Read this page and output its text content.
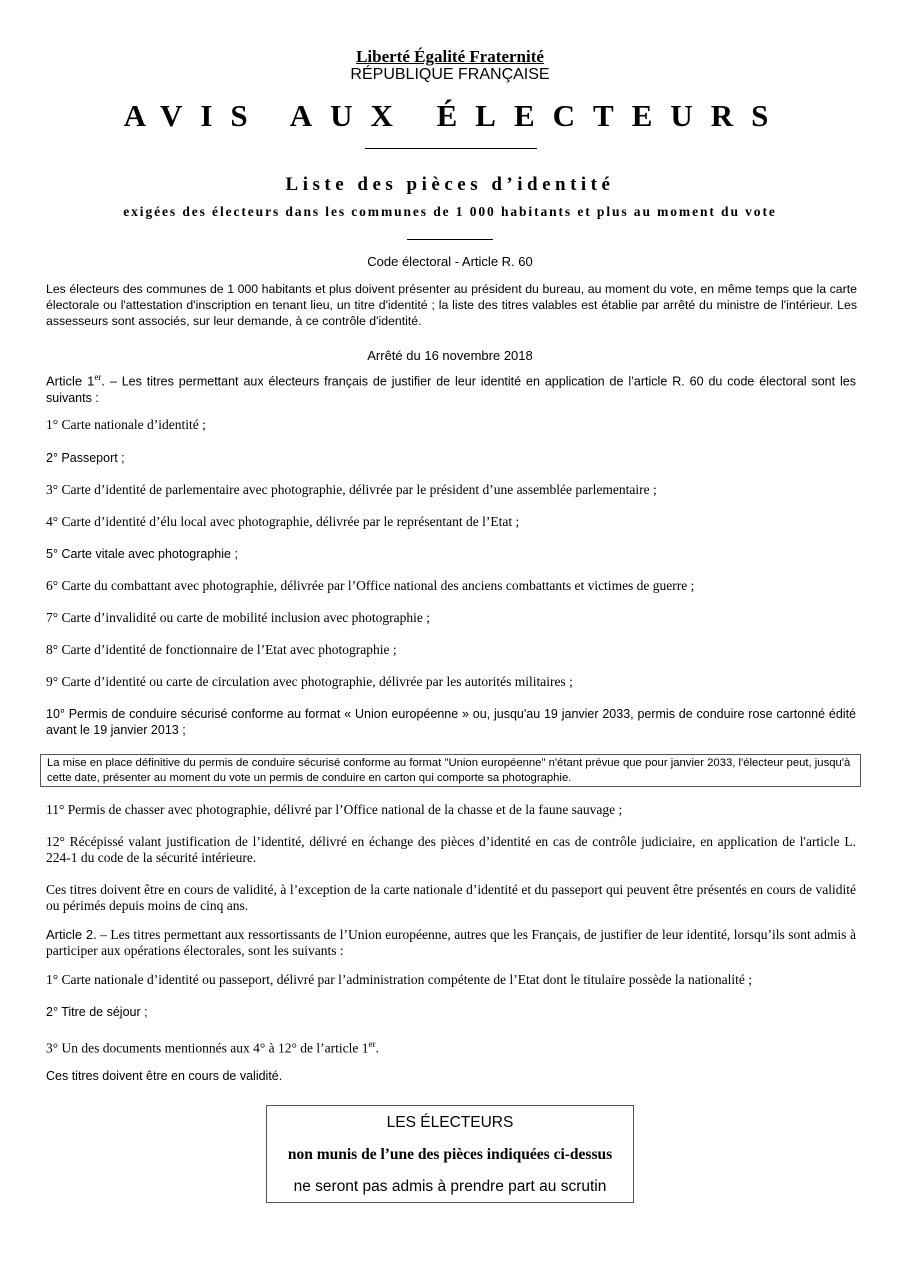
Liberté Égalité Fraternité
RÉPUBLIQUE FRANÇAISE
AVIS AUX ÉLECTEURS
Liste des pièces d’identité
exigées des électeurs dans les communes de 1 000 habitants et plus au moment du vote
Code électoral - Article R. 60
Les électeurs des communes de 1 000 habitants et plus doivent présenter au président du bureau, au moment du vote, en même temps que la carte électorale ou l'attestation d'inscription en tenant lieu, un titre d'identité ; la liste des titres valables est établie par arrêté du ministre de l'intérieur. Les assesseurs sont associés, sur leur demande, à ce contrôle d'identité.
Arrêté du 16 novembre 2018
Article 1er. – Les titres permettant aux électeurs français de justifier de leur identité en application de l’article R. 60 du code électoral sont les suivants :
1° Carte nationale d’identité ;
2° Passeport ;
3° Carte d’identité de parlementaire avec photographie, délivrée par le président d’une assemblée parlementaire ;
4° Carte d’identité d’élu local avec photographie, délivrée par le représentant de l’Etat ;
5° Carte vitale avec photographie ;
6° Carte du combattant avec photographie, délivrée par l’Office national des anciens combattants et victimes de guerre ;
7° Carte d’invalidité ou carte de mobilité inclusion avec photographie ;
8° Carte d’identité de fonctionnaire de l’Etat avec photographie ;
9° Carte d’identité ou carte de circulation avec photographie, délivrée par les autorités militaires ;
10° Permis de conduire sécurisé conforme au format « Union européenne » ou, jusqu'au 19 janvier 2033, permis de conduire rose cartonné édité avant le 19 janvier 2013 ;
La mise en place définitive du permis de conduire sécurisé conforme au format "Union européenne" n'étant prévue que pour janvier 2033, l'électeur peut, jusqu'à cette date, présenter au moment du vote un permis de conduire en carton qui comporte sa photographie.
11° Permis de chasser avec photographie, délivré par l’Office national de la chasse et de la faune sauvage ;
12° Récépissé valant justification de l’identité, délivré en échange des pièces d’identité en cas de contrôle judiciaire, en application de l'article L. 224-1 du code de la sécurité intérieure.
Ces titres doivent être en cours de validité, à l’exception de la carte nationale d’identité et du passeport qui peuvent être présentés en cours de validité ou périmés depuis moins de cinq ans.
Article 2. – Les titres permettant aux ressortissants de l’Union européenne, autres que les Français, de justifier de leur identité, lorsqu’ils sont admis à participer aux opérations électorales, sont les suivants :
1° Carte nationale d’identité ou passeport, délivré par l’administration compétente de l’Etat dont le titulaire possède la nationalité ;
2° Titre de séjour ;
3° Un des documents mentionnés aux 4° à 12° de l’article 1er.
Ces titres doivent être en cours de validité.
LES ÉLECTEURS
non munis de l’une des pièces indiquées ci-dessus
ne seront pas admis à prendre part au scrutin
